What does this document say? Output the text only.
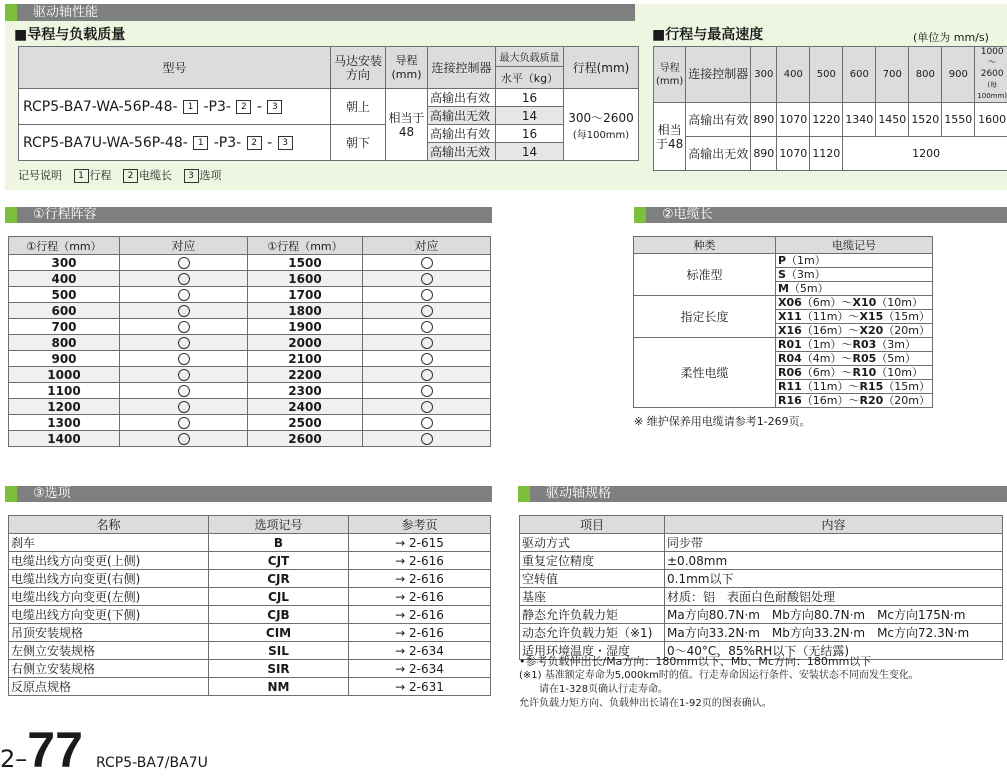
驱动轴性能
■导程与负载质量	■行程与最高速度	(单位为 mm/s)
型号	马达安装方向	导程(mm)	连接控制器	最大负载质量	行程(mm)
				水平（kg）	
RCP5-BA7-WA-56P-48- 1 -P3- 2 - 3	朝上	相当于48	高输出有效	16	300～2600
(每100mm)

			高输出无效	14	
RCP5-BA7U-WA-56P-48- 1 -P3- 2 - 3	朝下		高输出有效	16	
			高输出无效	14	
导程(mm)	连接控制器	300	400	500	600	700	800	900	1000～2600
(每100mm)

相当于48	高输出有效	890	1070	1220	1340	1450	1520	1550	1600
	高输出无效	890	1070	1120	1200				
记号说明 1 行程 2 电缆长 3 选项
①行程阵容
①行程（mm）	对应	①行程（mm）	对应
300		1500	
400		1600	
500		1700	
600		1800	
700		1900	
800		2000	
900		2100	
1000		2200	
1100		2300	
1200		2400	
1300		2500	
1400		2600	
②电缆长
种类	电缆记号
标准型	P（1m）
	S（3m）
	M（5m）
指定长度	X06（6m）～X10（10m）
	X11（11m）～X15（15m）
	X16（16m）～X20（20m）
柔性电缆	R01（1m）～R03（3m）
	R04（4m）～R05（5m）
	R06（6m）～R10（10m）
	R11（11m）～R15（15m）
	R16（16m）～R20（20m）
※ 维护保养用电缆请参考1-269页。
③选项
名称	选项记号	参考页
刹车	B	→ 2-615
电缆出线方向变更(上侧)	CJT	→ 2-616
电缆出线方向变更(右侧)	CJR	→ 2-616
电缆出线方向变更(左侧)	CJL	→ 2-616
电缆出线方向变更(下侧)	CJB	→ 2-616
吊顶安装规格	CIM	→ 2-616
左侧立安装规格	SIL	→ 2-634
右侧立安装规格	SIR	→ 2-634
反原点规格	NM	→ 2-631
驱动轴规格
项目	内容
驱动方式	同步带
重复定位精度	±0.08mm
空转值	0.1mm以下
基座	材质：铝　表面白色耐酸铝处理
静态允许负载力矩	Ma方向80.7N·m　Mb方向80.7N·m　Mc方向175N·m
动态允许负载力矩（※1)	Ma方向33.2N·m　Mb方向33.2N·m　Mc方向72.3N·m
适用环境温度・湿度	0～40°C、85%RH以下（无结露)
•参考负载伸出长/Ma方向：180mm以下、Mb、Mc方向：180mm以下
(※1) 基准额定寿命为5,000km时的值。行走寿命因运行条件、安装状态不同而发生变化。
　　请在1-328页确认行走寿命。
允许负载力矩方向、负载伸出长请在1-92页的图表确认。
2–77 RCP5-BA7/BA7U
